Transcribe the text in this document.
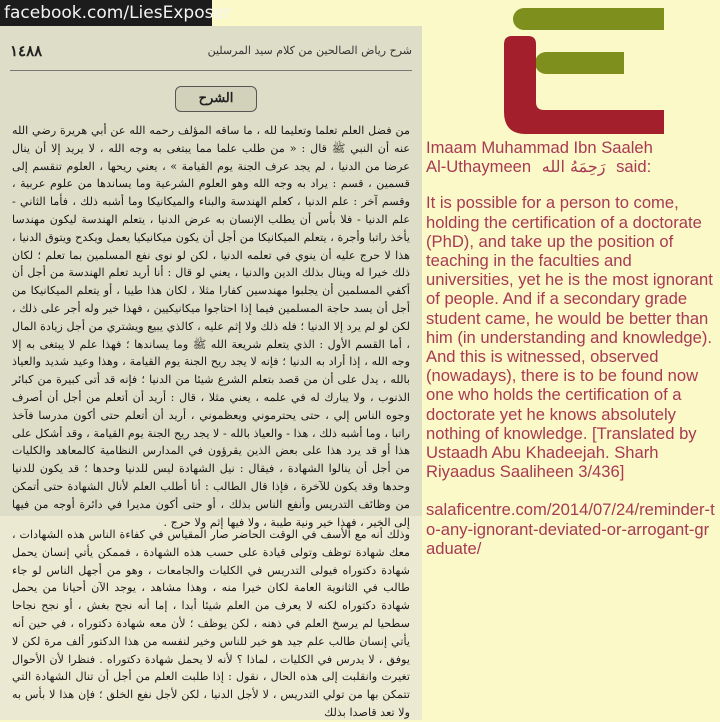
facebook.com/LiesExposer
١٤٨٨	شرح رياض الصالحين من كلام سيد المرسلين
الشرح
من فضل العلم تعلما وتعليما لله ، ما ساقه المؤلف رحمه الله عن أبي هريرة رضي الله عنه أن النبي ﷺ قال : « من طلب علما مما يبتغى به وجه الله ، لا يريد إلا أن ينال عرضا من الدنيا ، لم يجد عرف الجنة يوم القيامة » ، يعني ريحها ، العلوم تنقسم إلى قسمين ، قسم : يراد به وجه الله وهو العلوم الشرعية وما يساندها من علوم عربية ، وقسم آخر : علم الدنيا ، كعلم الهندسة والبناء والميكانيكا وما أشبه ذلك ، فأما الثاني - علم الدنيا - فلا بأس أن يطلب الإنسان به عرض الدنيا ، يتعلم الهندسة ليكون مهندسا يأخذ راتبا وأجرة ، يتعلم الميكانيكا من أجل أن يكون ميكانيكيا يعمل ويكدح ويتوق الدنيا ، هذا لا حرج عليه أن ينوي في تعلمه الدنيا ، لكن لو نوى نفع المسلمين بما تعلم ؛ لكان ذلك خيرا له وينال بذلك الدين والدنيا ، يعني لو قال : أنا أريد تعلم الهندسة من أجل أن أكفي المسلمين أن يجلبوا مهندسين كفارا مثلا ، لكان هذا طيبا ، أو يتعلم الميكانيكا من أجل أن يسد حاجة المسلمين فيما إذا احتاجوا ميكانيكيين ، فهذا خير وله أجر على ذلك ، لكن لو لم يرد إلا الدنيا ؛ فله ذلك ولا إثم عليه ، كالذي يبيع ويشتري من أجل زيادة المال ، أما القسم الأول : الذي يتعلم شريعة الله ﷺ وما يساندها ؛ فهذا علم لا يبتغى به إلا وجه الله ، إذا أراد به الدنيا ؛ فإنه لا يجد ريح الجنة يوم القيامة ، وهذا وعيد شديد والعياذ بالله ، يدل على أن من قصد بتعلم الشرع شيئا من الدنيا ؛ فإنه قد أتى كبيرة من كبائر الذنوب ، ولا يبارك له في علمه ، يعني مثلا ، قال : أريد أن أتعلم من أجل أن أصرف وجوه الناس إلي ، حتى يحترموني ويعظموني ، أريد أن أتعلم حتى أكون مدرسا فآخذ راتبا ، وما أشبه ذلك ، هذا - والعياذ بالله - لا يجد ريح الجنة يوم القيامة ، وقد أشكل على هذا أو قد يرد هذا على بعض الذين يقرؤون في المدارس النظامية كالمعاهد والكليات من أجل أن ينالوا الشهادة ، فيقال : نيل الشهادة ليس للدنيا وحدها ؛ قد يكون للدنيا وحدها وقد يكون للآخرة ، فإذا قال الطالب : أنا أطلب العلم لأنال الشهادة حتى أتمكن من وظائف التدريس وأنفع الناس بذلك ، أو حتى أكون مديرا في دائرة أوجه من فيها إلى الخير ، فهذا خير ونية طيبة ، ولا فيها إثم ولا حرج .
وذلك أنه مع الأسف في الوقت الحاضر صار المقياس في كفاءة الناس هذه الشهادات ، معك شهادة توظف وتولى قيادة على حسب هذه الشهادة ، فممكن يأتي إنسان يحمل شهادة دكتوراه فيولى التدريس في الكليات والجامعات ، وهو من أجهل الناس لو جاء طالب في الثانوية العامة لكان خيرا منه ، وهذا مشاهد ، يوجد الآن أحيانا من يحمل شهادة دكتوراه لكنه لا يعرف من العلم شيئا أبدا ، إما أنه نجح بغش ، أو نجح نجاحا سطحيا لم يرسخ العلم في ذهنه ، لكن يوظف ؛ لأن معه شهادة دكتوراه ، في حين أنه يأتي إنسان طالب علم جيد هو خير للناس وخير لنفسه من هذا الدكتور ألف مرة لكن لا يوفق ، لا يدرس في الكليات ، لماذا ؟ لأنه لا يحمل شهادة دكتوراه . فنظرا لأن الأحوال تغيرت وانقلبت إلى هذه الحال ، نقول : إذا طلبت العلم من أجل أن تنال الشهادة التي تتمكن بها من تولي التدريس ، لا لأجل الدنيا ، لكن لأجل نفع الخلق ؛ فإن هذا لا بأس به ولا تعد قاصدا بذلك

Imaam Muhammad Ibn Saaleh
Al-Uthaymeen رَحِمَهُ الله said:

It is possible for a person to come, holding the certification of a doctorate (PhD), and take up the position of teaching in the faculties and universities, yet he is the most ignorant of people. And if a secondary grade student came, he would be better than him (in understanding and knowledge). And this is witnessed, observed (nowadays), there is to be found now one who holds the certification of a doctorate yet he knows absolutely nothing of knowledge. [Translated by Ustaadh Abu Khadeejah. Sharh Riyaadus Saaliheen 3/436]

salaficentre.com/2014/07/24/reminder-to-any-ignorant-deviated-or-arrogant-graduate/
